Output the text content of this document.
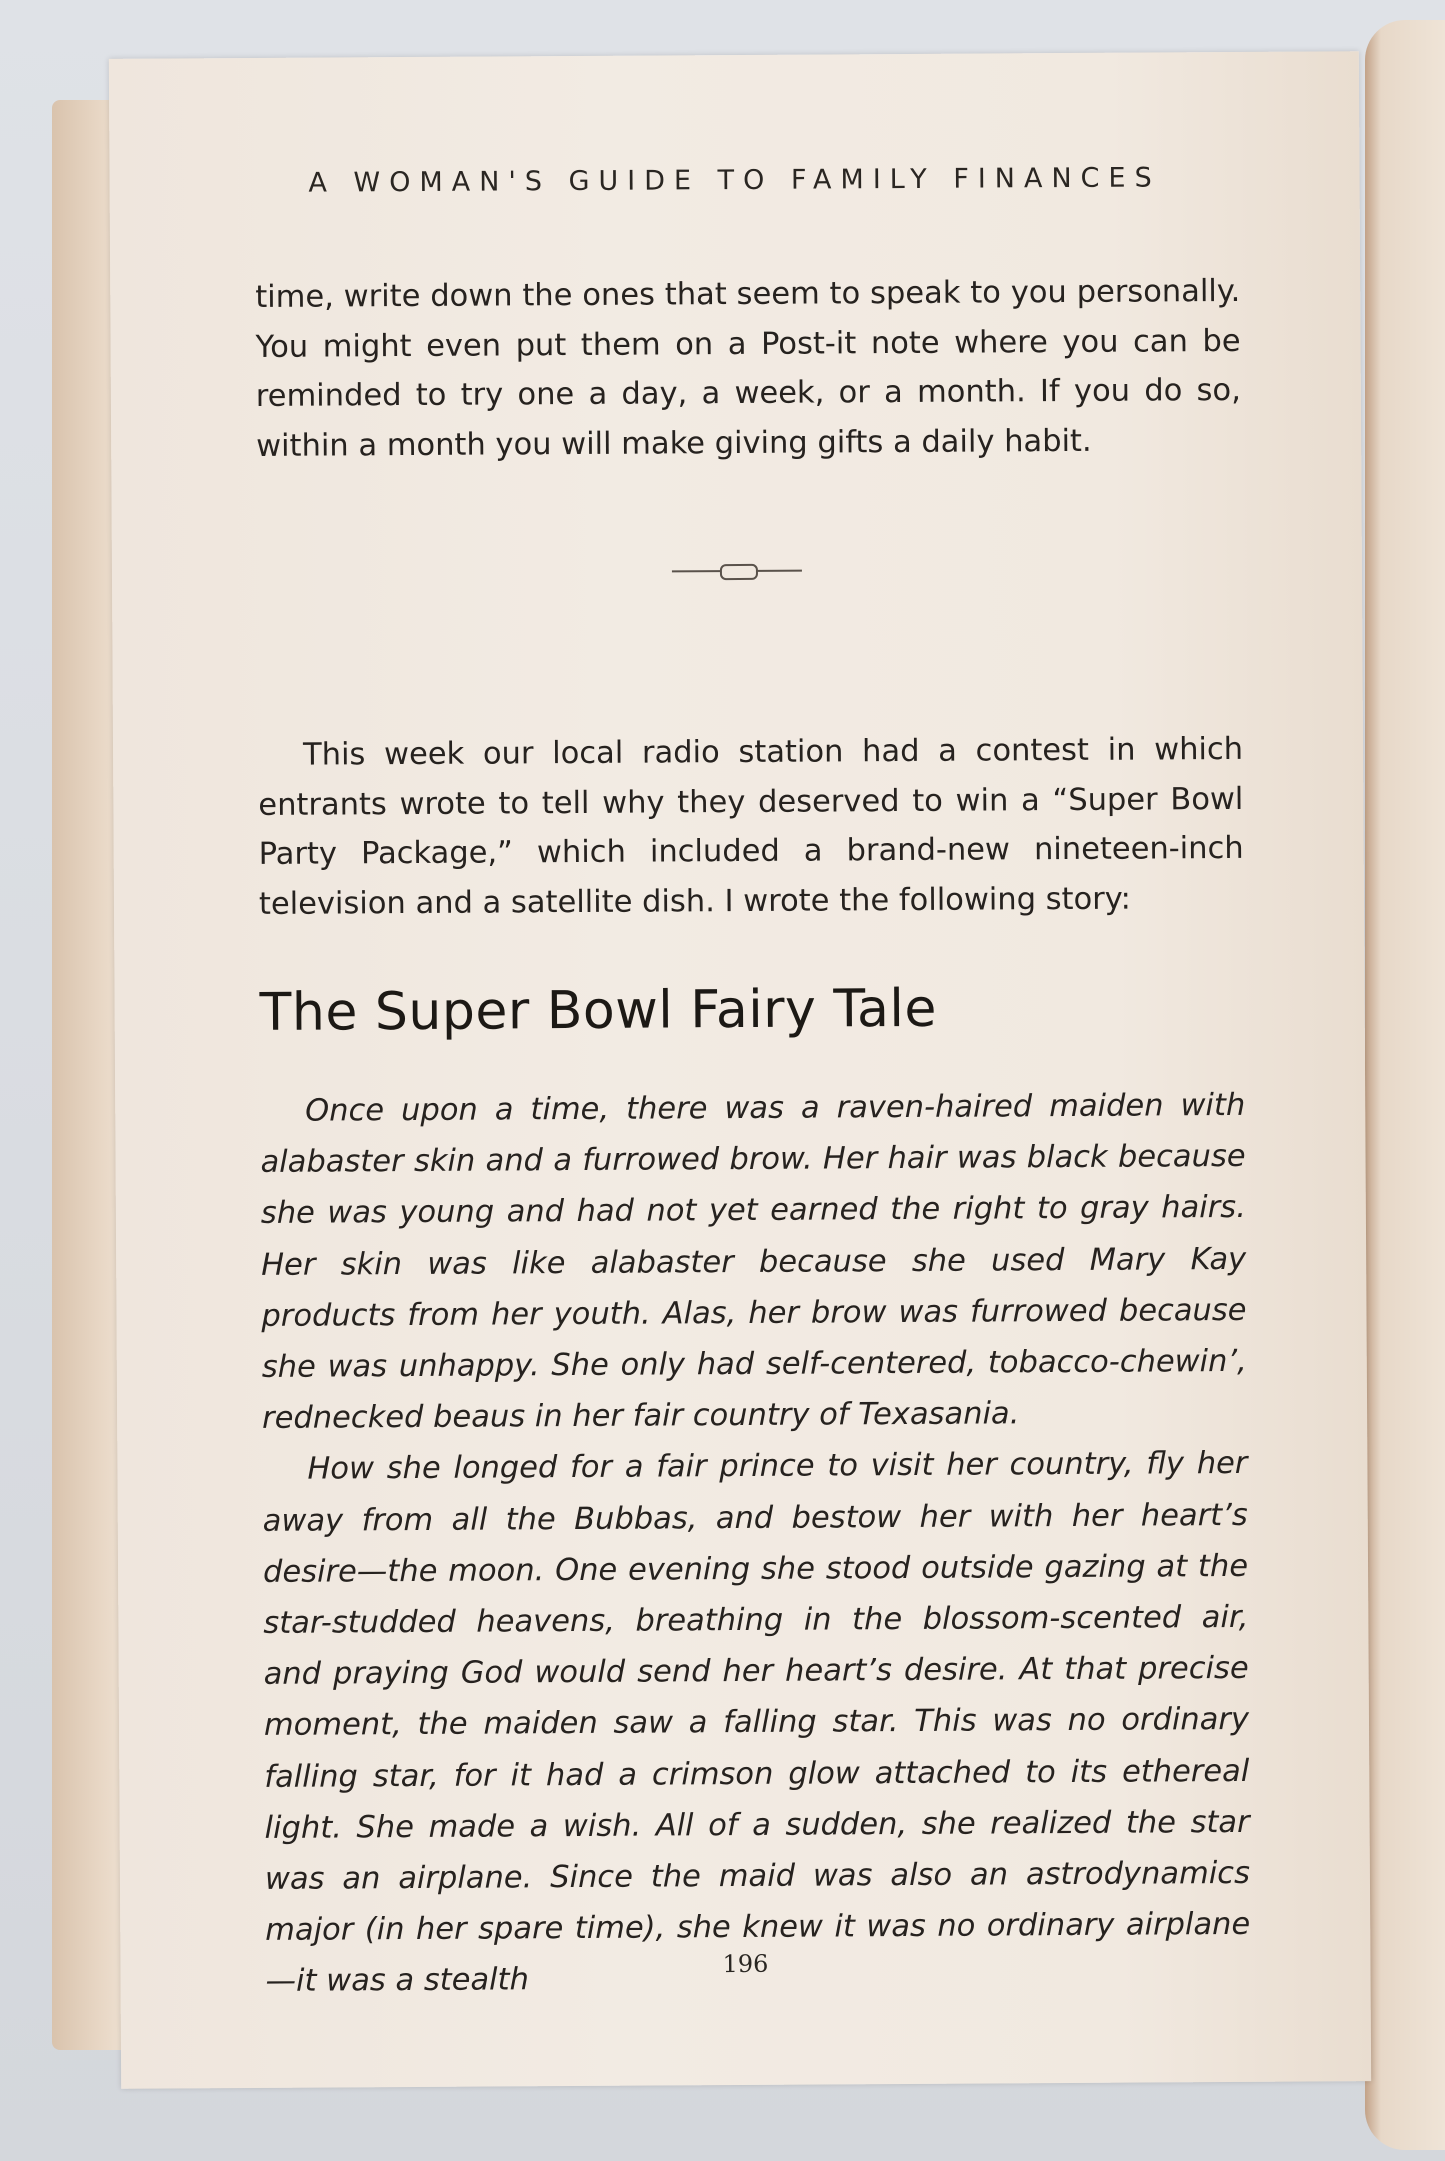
A WOMAN'S GUIDE TO FAMILY FINANCES

time, write down the ones that seem to speak to you personally. You might even put them on a Post-it note where you can be reminded to try one a day, a week, or a month. If you do so, within a month you will make giving gifts a daily habit.

This week our local radio station had a contest in which entrants wrote to tell why they deserved to win a “Super Bowl Party Package,” which included a brand-new nineteen-inch television and a satellite dish. I wrote the following story:

The Super Bowl Fairy Tale

Once upon a time, there was a raven-haired maiden with alabaster skin and a furrowed brow. Her hair was black because she was young and had not yet earned the right to gray hairs. Her skin was like alabaster because she used Mary Kay products from her youth. Alas, her brow was furrowed because she was unhappy. She only had self-centered, tobacco-chewin’, rednecked beaus in her fair country of Texasania.

How she longed for a fair prince to visit her country, fly her away from all the Bubbas, and bestow her with her heart’s desire—the moon. One evening she stood outside gazing at the star-studded heavens, breathing in the blossom-scented air, and praying God would send her heart’s desire. At that precise moment, the maiden saw a falling star. This was no ordinary falling star, for it had a crimson glow attached to its ethereal light. She made a wish. All of a sudden, she realized the star was an airplane. Since the maid was also an astrodynamics major (in her spare time), she knew it was no ordinary airplane—it was a stealth	196
